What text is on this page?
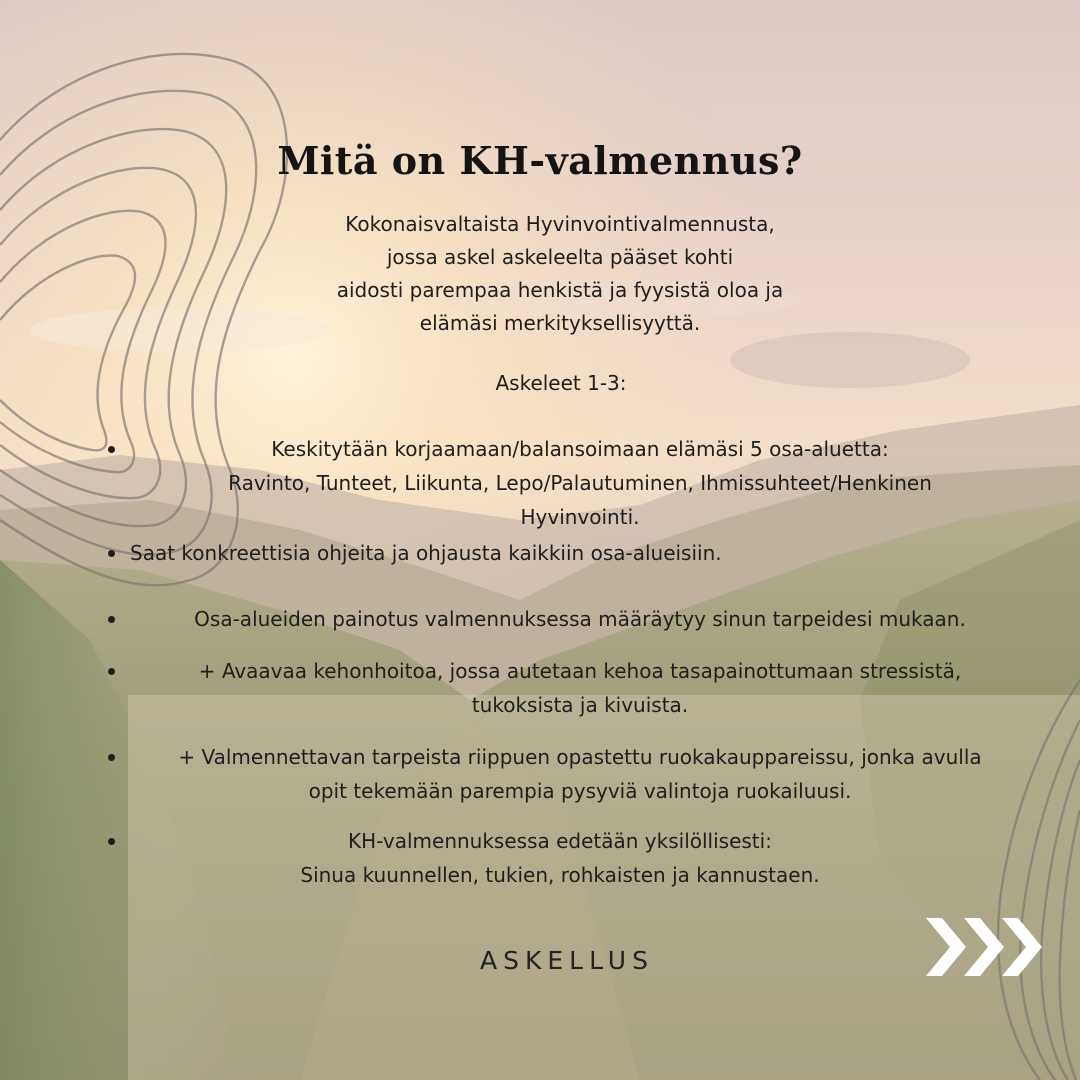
Mitä on KH-valmennus?
Kokonaisvaltaista Hyvinvointivalmennusta,
jossa askel askeleelta pääset kohti
aidosti parempaa henkistä ja fyysistä oloa ja
elämäsi merkityksellisyyttä.
Askeleet 1-3:
Keskitytään korjaamaan/balansoimaan elämäsi 5 osa-aluetta:
Ravinto, Tunteet, Liikunta, Lepo/Palautuminen, Ihmissuhteet/Henkinen
Hyvinvointi.
Saat konkreettisia ohjeita ja ohjausta kaikkiin osa-alueisiin.
Osa-alueiden painotus valmennuksessa määräytyy sinun tarpeidesi mukaan.
+ Avaavaa kehonhoitoa, jossa autetaan kehoa tasapainottumaan stressistä,
tukoksista ja kivuista.
+ Valmennettavan tarpeista riippuen opastettu ruokakauppareissu, jonka avulla
opit tekemään parempia pysyviä valintoja ruokailuusi.
KH-valmennuksessa edetään yksilöllisesti:
Sinua kuunnellen, tukien, rohkaisten ja kannustaen.
ASKELLUS
